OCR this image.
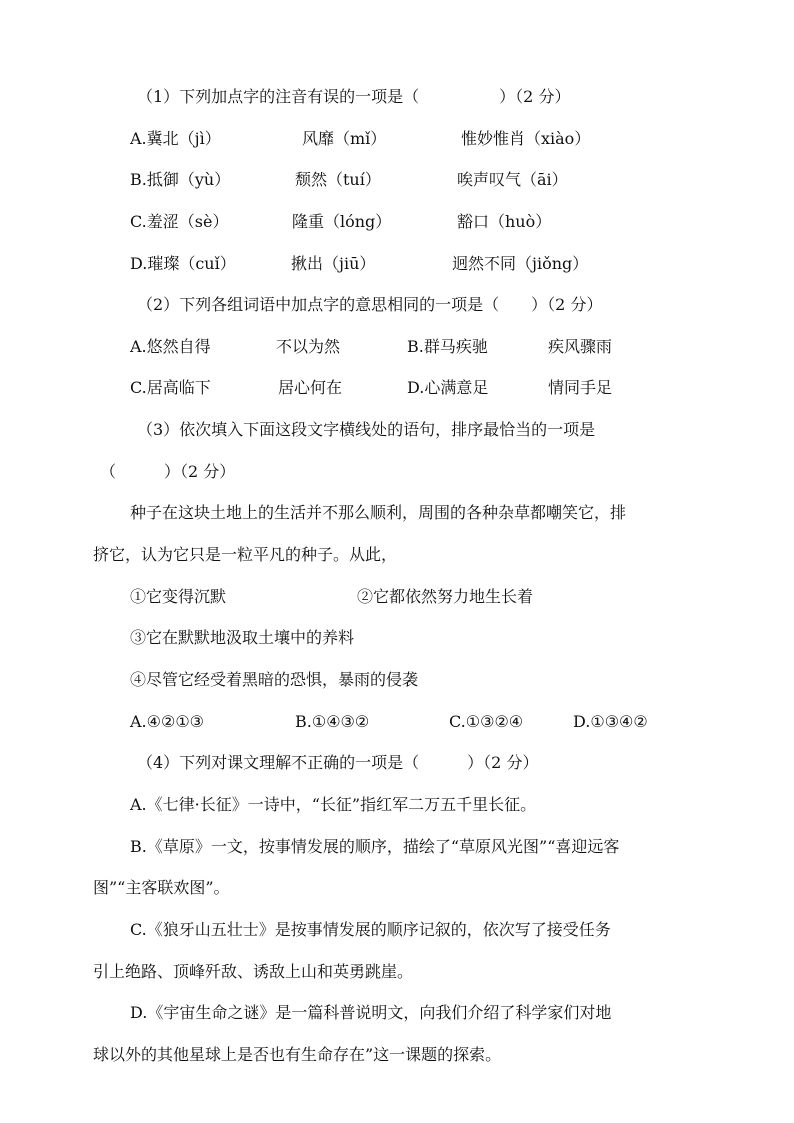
（1）下列加点字的注音有误的一项是（　　　　　）（2 分）
A.冀北（jì）	风靡（mǐ）	惟妙惟肖（xiào）
B.抵御（yù）	颓然（tuí）	唉声叹气（āi）
C.羞涩（sè）	隆重（lóng）	豁口（huò）
D.璀璨（cuǐ）	揪出（jiū）	迥然不同（jiǒng）
（2）下列各组词语中加点字的意思相同的一项是（　　）（2 分）
A.悠然自得	不以为然	B.群马疾驰	疾风骤雨
C.居高临下	居心何在	D.心满意足	情同手足
（3）依次填入下面这段文字横线处的语句，排序最恰当的一项是
（　　　）（2 分）
种子在这块土地上的生活并不那么顺利，周围的各种杂草都嘲笑它，排
挤它，认为它只是一粒平凡的种子。从此，
①它变得沉默	②它都依然努力地生长着
③它在默默地汲取土壤中的养料
④尽管它经受着黑暗的恐惧，暴雨的侵袭
A.④②①③	B.①④③②	C.①③②④	D.①③④②
（4）下列对课文理解不正确的一项是（　　　）（2 分）
A.《七律·长征》一诗中，“长征”指红军二万五千里长征。
B.《草原》一文，按事情发展的顺序，描绘了“草原风光图”“喜迎远客
图”“主客联欢图”。
C.《狼牙山五壮士》是按事情发展的顺序记叙的，依次写了接受任务
引上绝路、顶峰歼敌、诱敌上山和英勇跳崖。
D.《宇宙生命之谜》是一篇科普说明文，向我们介绍了科学家们对地
球以外的其他星球上是否也有生命存在”这一课题的探索。
